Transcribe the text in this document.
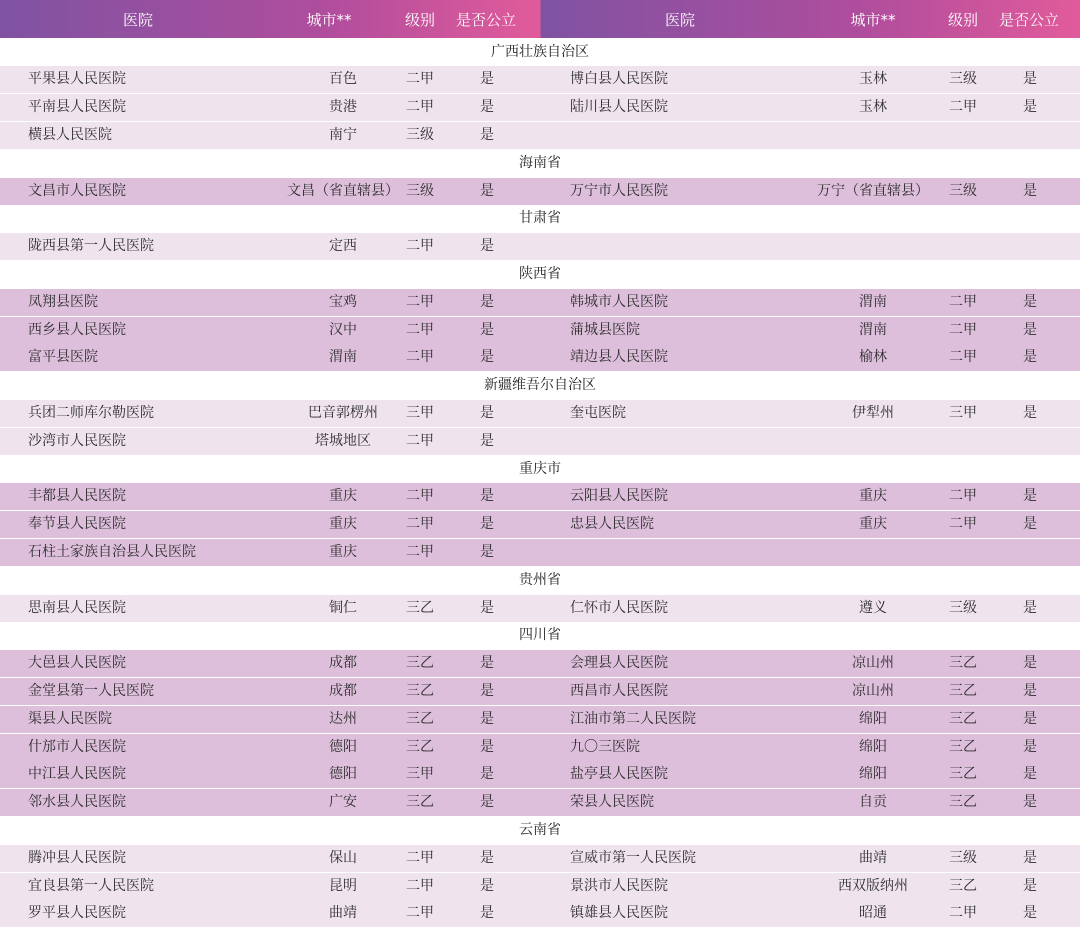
医院	城市**	级别	是否公立	医院	城市**	级别	是否公立
广西壮族自治区
平果县人民医院	百色	二甲	是	博白县人民医院	玉林	三级	是
平南县人民医院	贵港	二甲	是	陆川县人民医院	玉林	二甲	是
横县人民医院	南宁	三级	是
海南省
文昌市人民医院	文昌（省直辖县） 三级	是	万宁市人民医院	万宁（省直辖县）	三级	是
甘肃省
陇西县第一人民医院	定西	二甲	是
陕西省
凤翔县医院	宝鸡	二甲	是	韩城市人民医院	渭南	二甲	是
西乡县人民医院	汉中	二甲	是	蒲城县医院	渭南	二甲	是
富平县医院	渭南	二甲	是	靖边县人民医院	榆林	二甲	是
新疆维吾尔自治区
兵团二师库尔勒医院	巴音郭楞州	三甲	是	奎屯医院	伊犁州	三甲	是
沙湾市人民医院	塔城地区	二甲	是
重庆市
丰都县人民医院	重庆	二甲	是	云阳县人民医院	重庆	二甲	是
奉节县人民医院	重庆	二甲	是	忠县人民医院	重庆	二甲	是
石柱土家族自治县人民医院	重庆	二甲	是
贵州省
思南县人民医院	铜仁	三乙	是	仁怀市人民医院	遵义	三级	是
四川省
大邑县人民医院	成都	三乙	是	会理县人民医院	凉山州	三乙	是
金堂县第一人民医院	成都	三乙	是	西昌市人民医院	凉山州	三乙	是
渠县人民医院	达州	三乙	是	江油市第二人民医院	绵阳	三乙	是
什邡市人民医院	德阳	三乙	是	九〇三医院	绵阳	三乙	是
中江县人民医院	德阳	三甲	是	盐亭县人民医院	绵阳	三乙	是
邻水县人民医院	广安	三乙	是	荣县人民医院	自贡	三乙	是
云南省
腾冲县人民医院	保山	二甲	是	宣威市第一人民医院	曲靖	三级	是
宜良县第一人民医院	昆明	二甲	是	景洪市人民医院	西双版纳州	三乙	是
罗平县人民医院	曲靖	二甲	是	镇雄县人民医院	昭通	二甲	是
